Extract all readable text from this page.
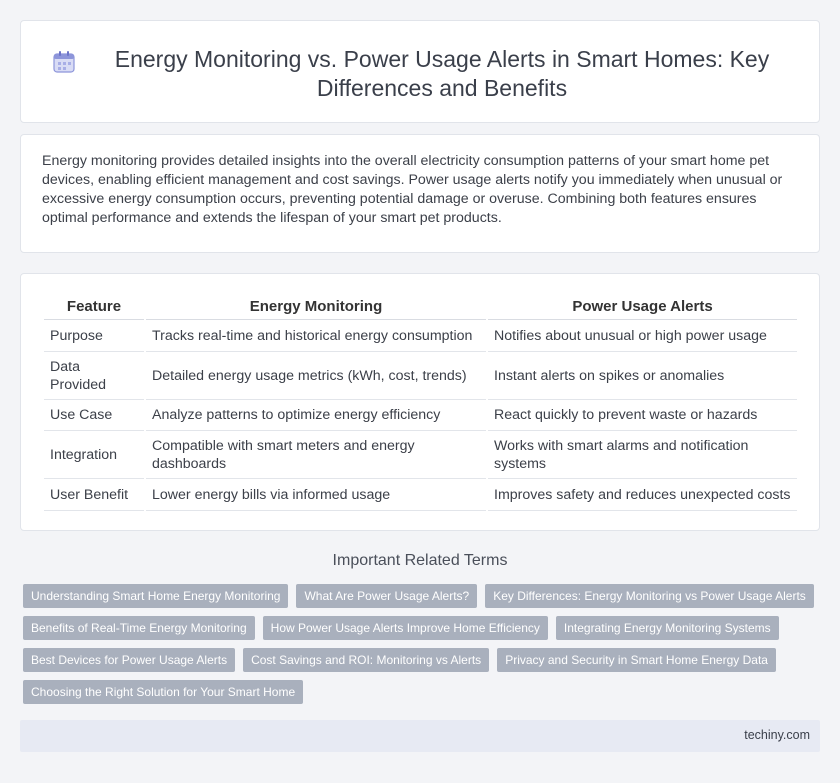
Energy Monitoring vs. Power Usage Alerts in Smart Homes: Key Differences and Benefits

Energy monitoring provides detailed insights into the overall electricity consumption patterns of your smart home pet devices, enabling efficient management and cost savings. Power usage alerts notify you immediately when unusual or excessive energy consumption occurs, preventing potential damage or overuse. Combining both features ensures optimal performance and extends the lifespan of your smart pet products.

Feature	Energy Monitoring	Power Usage Alerts
Purpose	Tracks real-time and historical energy consumption	Notifies about unusual or high power usage
Data Provided	Detailed energy usage metrics (kWh, cost, trends)	Instant alerts on spikes or anomalies
Use Case	Analyze patterns to optimize energy efficiency	React quickly to prevent waste or hazards
Integration	Compatible with smart meters and energy dashboards	Works with smart alarms and notification systems
User Benefit	Lower energy bills via informed usage	Improves safety and reduces unexpected costs
Important Related Terms
Understanding Smart Home Energy Monitoring	What Are Power Usage Alerts?	Key Differences: Energy Monitoring vs Power Usage Alerts
Benefits of Real-Time Energy Monitoring	How Power Usage Alerts Improve Home Efficiency	Integrating Energy Monitoring Systems
Best Devices for Power Usage Alerts	Cost Savings and ROI: Monitoring vs Alerts	Privacy and Security in Smart Home Energy Data
Choosing the Right Solution for Your Smart Home
techiny.com
